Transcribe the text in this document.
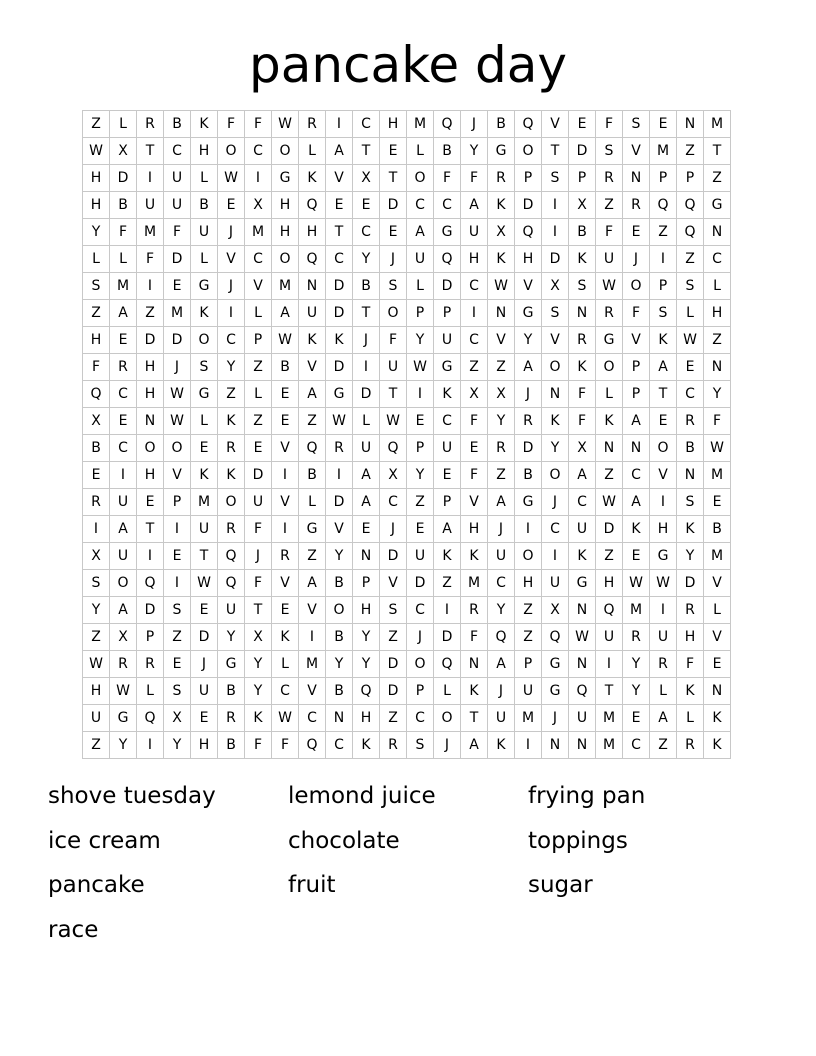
pancake day
Z	L	R	B	K	F	F	W	R	I	C	H	M	Q	J	B	Q	V	E	F	S	E	N	M
W	X	T	C	H	O	C	O	L	A	T	E	L	B	Y	G	O	T	D	S	V	M	Z	T
H	D	I	U	L	W	I	G	K	V	X	T	O	F	F	R	P	S	P	R	N	P	P	Z
H	B	U	U	B	E	X	H	Q	E	E	D	C	C	A	K	D	I	X	Z	R	Q	Q	G
Y	F	M	F	U	J	M	H	H	T	C	E	A	G	U	X	Q	I	B	F	E	Z	Q	N
L	L	F	D	L	V	C	O	Q	C	Y	J	U	Q	H	K	H	D	K	U	J	I	Z	C
S	M	I	E	G	J	V	M	N	D	B	S	L	D	C	W	V	X	S	W	O	P	S	L
Z	A	Z	M	K	I	L	A	U	D	T	O	P	P	I	N	G	S	N	R	F	S	L	H
H	E	D	D	O	C	P	W	K	K	J	F	Y	U	C	V	Y	V	R	G	V	K	W	Z
F	R	H	J	S	Y	Z	B	V	D	I	U	W	G	Z	Z	A	O	K	O	P	A	E	N
Q	C	H	W	G	Z	L	E	A	G	D	T	I	K	X	X	J	N	F	L	P	T	C	Y
X	E	N	W	L	K	Z	E	Z	W	L	W	E	C	F	Y	R	K	F	K	A	E	R	F
B	C	O	O	E	R	E	V	Q	R	U	Q	P	U	E	R	D	Y	X	N	N	O	B	W
E	I	H	V	K	K	D	I	B	I	A	X	Y	E	F	Z	B	O	A	Z	C	V	N	M
R	U	E	P	M	O	U	V	L	D	A	C	Z	P	V	A	G	J	C	W	A	I	S	E
I	A	T	I	U	R	F	I	G	V	E	J	E	A	H	J	I	C	U	D	K	H	K	B
X	U	I	E	T	Q	J	R	Z	Y	N	D	U	K	K	U	O	I	K	Z	E	G	Y	M
S	O	Q	I	W	Q	F	V	A	B	P	V	D	Z	M	C	H	U	G	H	W	W	D	V
Y	A	D	S	E	U	T	E	V	O	H	S	C	I	R	Y	Z	X	N	Q	M	I	R	L
Z	X	P	Z	D	Y	X	K	I	B	Y	Z	J	D	F	Q	Z	Q	W	U	R	U	H	V
W	R	R	E	J	G	Y	L	M	Y	Y	D	O	Q	N	A	P	G	N	I	Y	R	F	E
H	W	L	S	U	B	Y	C	V	B	Q	D	P	L	K	J	U	G	Q	T	Y	L	K	N
U	G	Q	X	E	R	K	W	C	N	H	Z	C	O	T	U	M	J	U	M	E	A	L	K
Z	Y	I	Y	H	B	F	F	Q	C	K	R	S	J	A	K	I	N	N	M	C	Z	R	K
shove tuesday	lemond juice	frying pan
ice cream	chocolate	toppings
pancake	fruit	sugar
race
